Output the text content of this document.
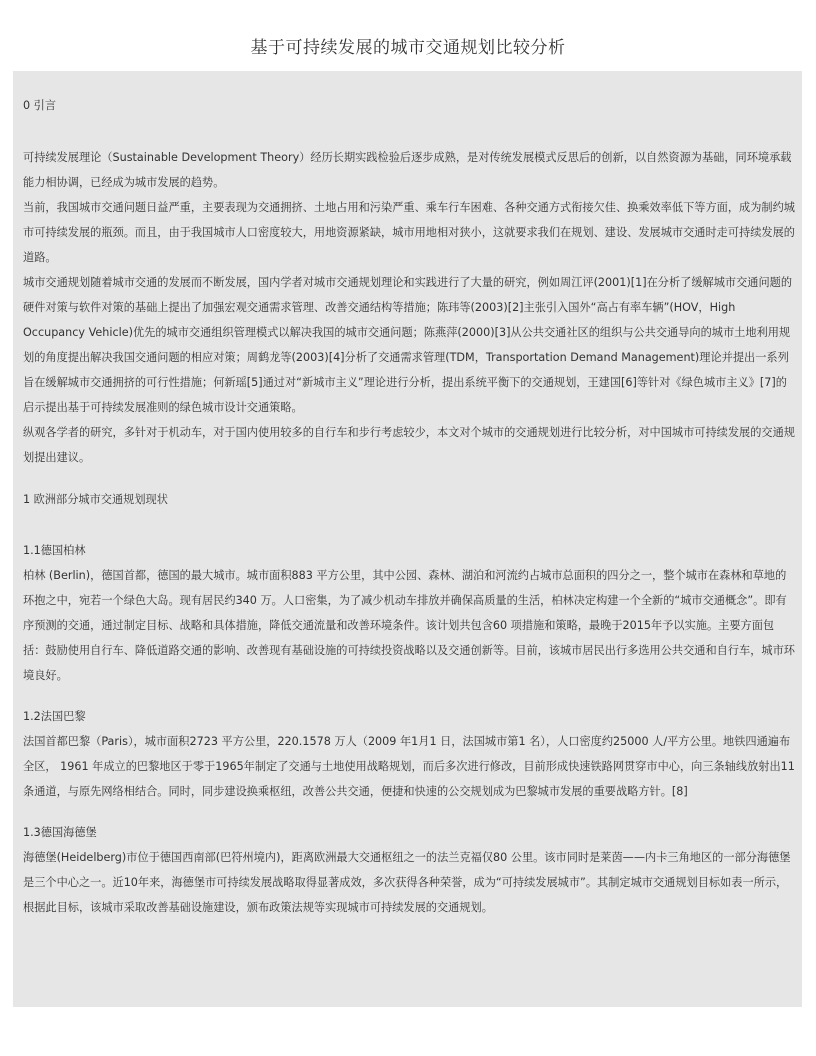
基于可持续发展的城市交通规划比较分析

0 引言

可持续发展理论（Sustainable Development Theory）经历长期实践检验后逐步成熟，是对传统发展模式反思后的创新，以自然资源为基础，同环境承载能力相协调，已经成为城市发展的趋势。

当前，我国城市交通问题日益严重，主要表现为交通拥挤、土地占用和污染严重、乘车行车困难、各种交通方式衔接欠佳、换乘效率低下等方面，成为制约城市可持续发展的瓶颈。而且，由于我国城市人口密度较大，用地资源紧缺，城市用地相对狭小，这就要求我们在规划、建设、发展城市交通时走可持续发展的道路。

城市交通规划随着城市交通的发展而不断发展，国内学者对城市交通规划理论和实践进行了大量的研究，例如周江评(2001)[1]在分析了缓解城市交通问题的硬件对策与软件对策的基础上提出了加强宏观交通需求管理、改善交通结构等措施；陈玮等(2003)[2]主张引入国外“高占有率车辆”(HOV，High Occupancy Vehicle)优先的城市交通组织管理模式以解决我国的城市交通问题；陈燕萍(2000)[3]从公共交通社区的组织与公共交通导向的城市土地利用规划的角度提出解决我国交通问题的相应对策；周鹤龙等(2003)[4]分析了交通需求管理(TDM，Transportation Demand Management)理论并提出一系列旨在缓解城市交通拥挤的可行性措施；何新瑶[5]通过对“新城市主义”理论进行分析，提出系统平衡下的交通规划，王建国[6]等针对《绿色城市主义》[7]的启示提出基于可持续发展准则的绿色城市设计交通策略。

纵观各学者的研究，多针对于机动车，对于国内使用较多的自行车和步行考虑较少，本文对个城市的交通规划进行比较分析，对中国城市可持续发展的交通规划提出建议。

1 欧洲部分城市交通规划现状

1.1德国柏林

柏林 (Berlin)，德国首都，德国的最大城市。城市面积883 平方公里，其中公园、森林、湖泊和河流约占城市总面积的四分之一，整个城市在森林和草地的环抱之中，宛若一个绿色大岛。现有居民约340 万。人口密集，为了减少机动车排放并确保高质量的生活，柏林决定构建一个全新的“城市交通概念”。即有序预测的交通，通过制定目标、战略和具体措施，降低交通流量和改善环境条件。该计划共包含60 项措施和策略，最晚于2015年予以实施。主要方面包括：鼓励使用自行车、降低道路交通的影响、改善现有基础设施的可持续投资战略以及交通创新等。目前，该城市居民出行多选用公共交通和自行车，城市环境良好。

1.2法国巴黎

法国首都巴黎（Paris），城市面积2723 平方公里，220.1578 万人（2009 年1月1 日，法国城市第1 名），人口密度约25000 人/平方公里。地铁四通遍布全区， 1961 年成立的巴黎地区于零于1965年制定了交通与土地使用战略规划，而后多次进行修改，目前形成快速铁路网贯穿市中心，向三条轴线放射出11 条通道，与原先网络相结合。同时，同步建设换乘枢纽，改善公共交通，便捷和快速的公交规划成为巴黎城市发展的重要战略方针。[8]

1.3德国海德堡

海德堡(Heidelberg)市位于德国西南部(巴符州境内)，距离欧洲最大交通枢纽之一的法兰克福仅80 公里。该市同时是莱茵——内卡三角地区的一部分海德堡是三个中心之一。近10年来，海德堡市可持续发展战略取得显著成效，多次获得各种荣誉，成为“可持续发展城市”。其制定城市交通规划目标如表一所示，根据此目标，该城市采取改善基础设施建设，颁布政策法规等实现城市可持续发展的交通规划。
